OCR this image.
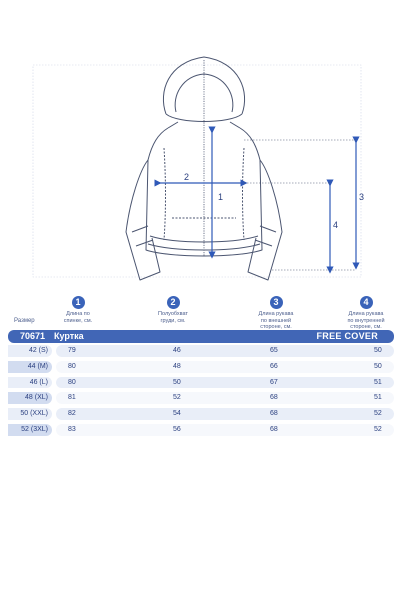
1
2
3
4
1
Длина по
спинке, см.
2
Полуобхват
груди, см.
3
Длина рукава
по внешней
стороне, см.
4
Длина рукава
по внутренней
стороне, см.
Размер
70671 Куртка	FREE COVER
42 (S)	79	46	65	50
44 (M)	80	48	66	50
46 (L)	80	50	67	51
48 (XL)	81	52	68	51
50 (XXL)	82	54	68	52
52 (3XL)	83	56	68	52
